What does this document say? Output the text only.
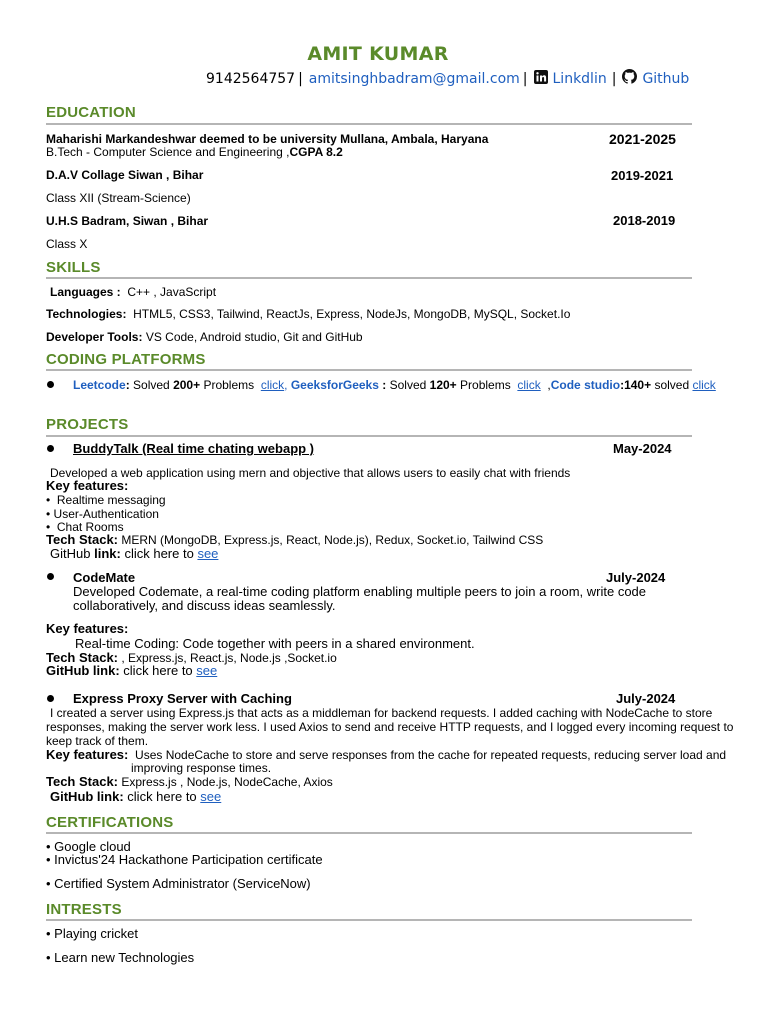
AMIT KUMAR
9142564757 | amitsinghbadram@gmail.com | Linkdlin | Github
EDUCATION
Maharishi Markandeshwar deemed to be university Mullana, Ambala, Haryana	2021-2025
B.Tech - Computer Science and Engineering ,CGPA 8.2
D.A.V Collage Siwan , Bihar	2019-2021
Class XII (Stream-Science)
U.H.S Badram, Siwan , Bihar	2018-2019
Class X
SKILLS
Languages : C++ , JavaScript
Technologies: HTML5, CSS3, Tailwind, ReactJs, Express, NodeJs, MongoDB, MySQL, Socket.Io
Developer Tools: VS Code, Android studio, Git and GitHub
CODING PLATFORMS
Leetcode: Solved 200+ Problems click, GeeksforGeeks : Solved 120+ Problems click ,Code studio:140+ solved click
PROJECTS
BuddyTalk (Real time chating webapp )	May-2024
Developed a web application using mern and objective that allows users to easily chat with friends
Key features:
•  Realtime messaging
• User-Authentication
•  Chat Rooms
Tech Stack: MERN (MongoDB, Express.js, React, Node.js), Redux, Socket.io, Tailwind CSS
GitHub link: click here to see
CodeMate	July-2024
Developed Codemate, a real-time coding platform enabling multiple peers to join a room, write code
collaboratively, and discuss ideas seamlessly.
Key features:
Real-time Coding: Code together with peers in a shared environment.
Tech Stack: , Express.js, React.js, Node.js ,Socket.io
GitHub link: click here to see
Express Proxy Server with Caching	July-2024
I created a server using Express.js that acts as a middleman for backend requests. I added caching with NodeCache to store
responses, making the server work less. I used Axios to send and receive HTTP requests, and I logged every incoming request to
keep track of them.
Key features: Uses NodeCache to store and serve responses from the cache for repeated requests, reducing server load and
improving response times.
Tech Stack: Express.js , Node.js, NodeCache, Axios
GitHub link: click here to see
CERTIFICATIONS
• Google cloud
• Invictus'24 Hackathone Participation certificate
• Certified System Administrator (ServiceNow)
INTRESTS
• Playing cricket
• Learn new Technologies
